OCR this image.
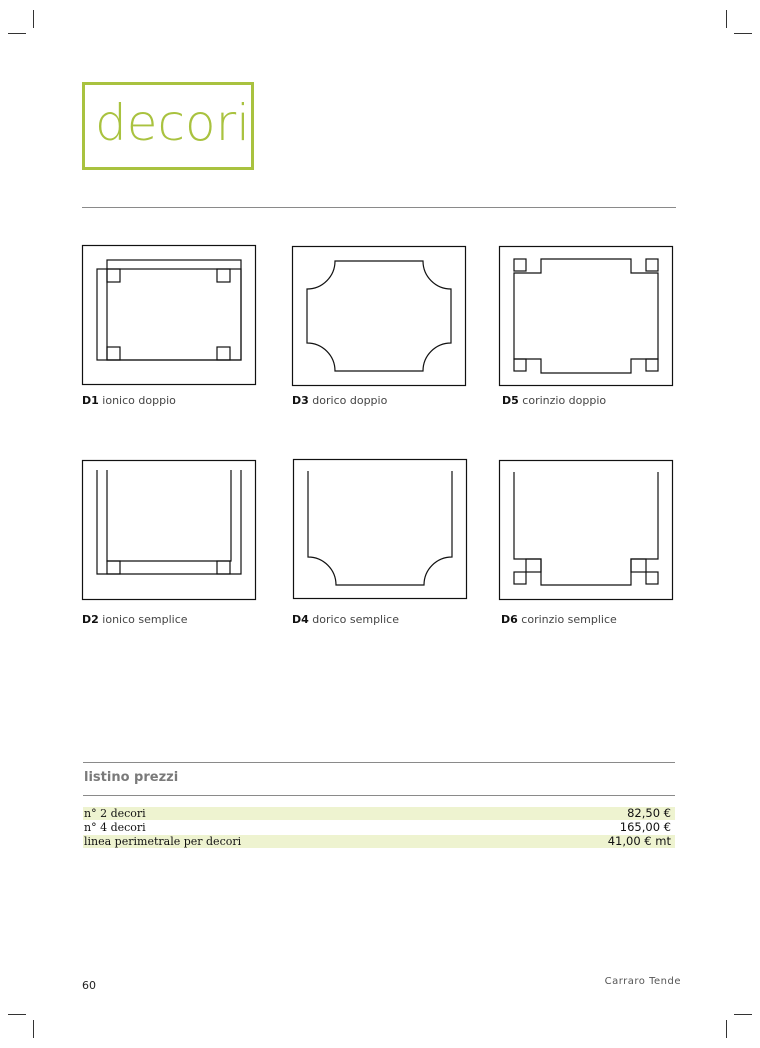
decori
D1 ionico doppio	D3 dorico doppio	D5 corinzio doppio
D2 ionico semplice	D4 dorico semplice	D6 corinzio semplice
listino prezzi
n° 2 decori	82,50 €
n° 4 decori	165,00 €
linea perimetrale per decori	41,00 € mt
60	Carraro Tende
